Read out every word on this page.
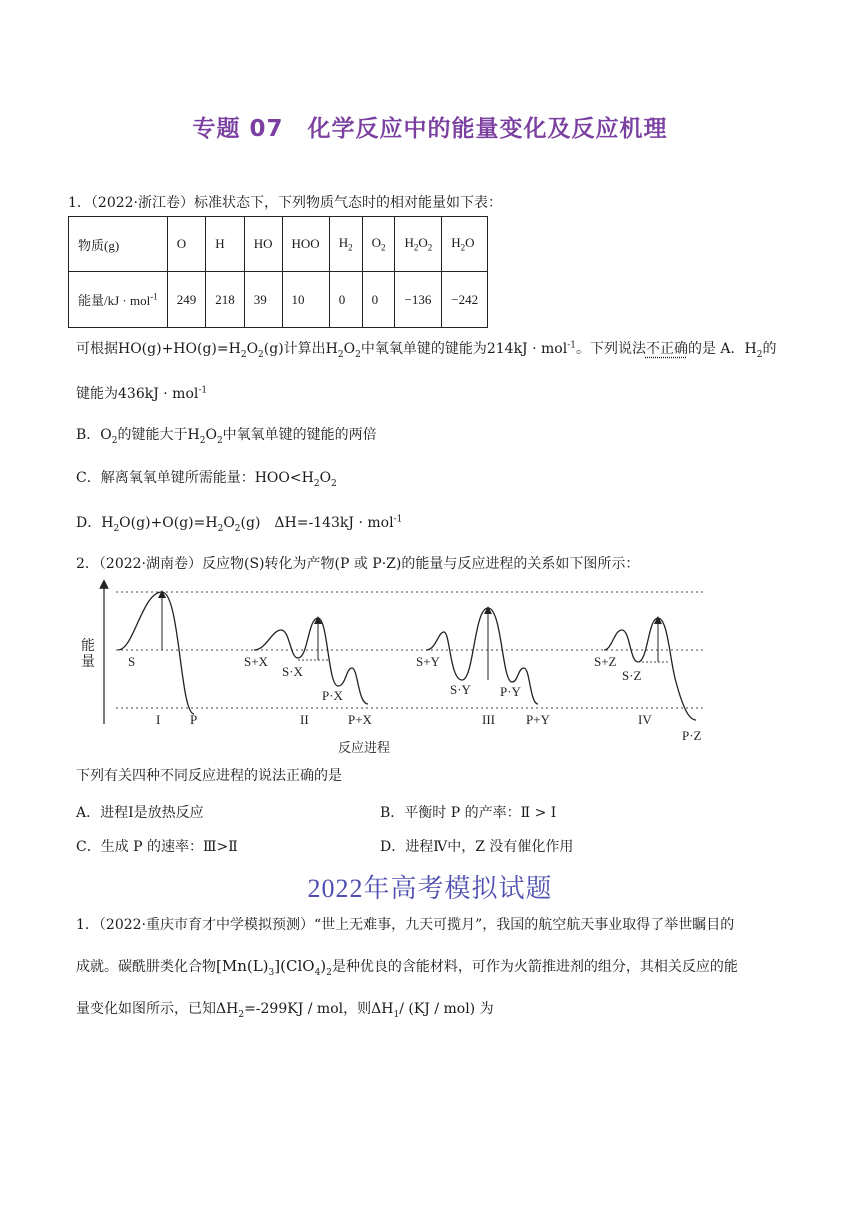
专题 07　化学反应中的能量变化及反应机理
1．（2022·浙江卷）标准状态下，下列物质气态时的相对能量如下表：
物质(g)	O	H	HO	HOO	$H_2$	$O_2$	$H_2O_2$	$H_2O$
能量/kJ · mol$^{-1}$	249	218	39	10	0	0	−136	−242
可根据$HO(g)+HO(g)=H_2O_2(g)$计算出$H_2O_2$中氧氧单键的键能为214kJ · mol$^{-1}$。下列说法不正确的是 A．$H_2$的
键能为436kJ · mol$^{-1}$
B．$O_2$的键能大于$H_2O_2$中氧氧单键的键能的两倍
C．解离氧氧单键所需能量：$HOO<H_2O_2$
D．$H_2O(g)+O(g)=H_2O_2(g)$　ΔH=-143kJ · mol$^{-1}$
2．（2022·湖南卷）反应物(S)转化为产物(P 或 P·Z)的能量与反应进程的关系如下图所示：
能
量	S
I P
S+X
S·X
P·X
II	P+X
S+Y
S·Y P·Y
III P+Y
S+Z
S·Z
IV
P·Z
反应进程
下列有关四种不同反应进程的说法正确的是
A．进程Ⅰ是放热反应	B．平衡时 P 的产率：Ⅱ > Ⅰ
C．生成 P 的速率：Ⅲ>Ⅱ	D．进程Ⅳ中，Z 没有催化作用
2022年高考模拟试题
1．（2022·重庆市育才中学模拟预测）“世上无难事，九天可揽月”，我国的航空航天事业取得了举世瞩目的
成就。碳酰肼类化合物$[Mn(L)_3](ClO_4)_2$是种优良的含能材料，可作为火箭推进剂的组分，其相关反应的能
量变化如图所示，已知$\Delta H_2=-299KJ$ / mol，则$\Delta H_1/$ (KJ / mol) 为
